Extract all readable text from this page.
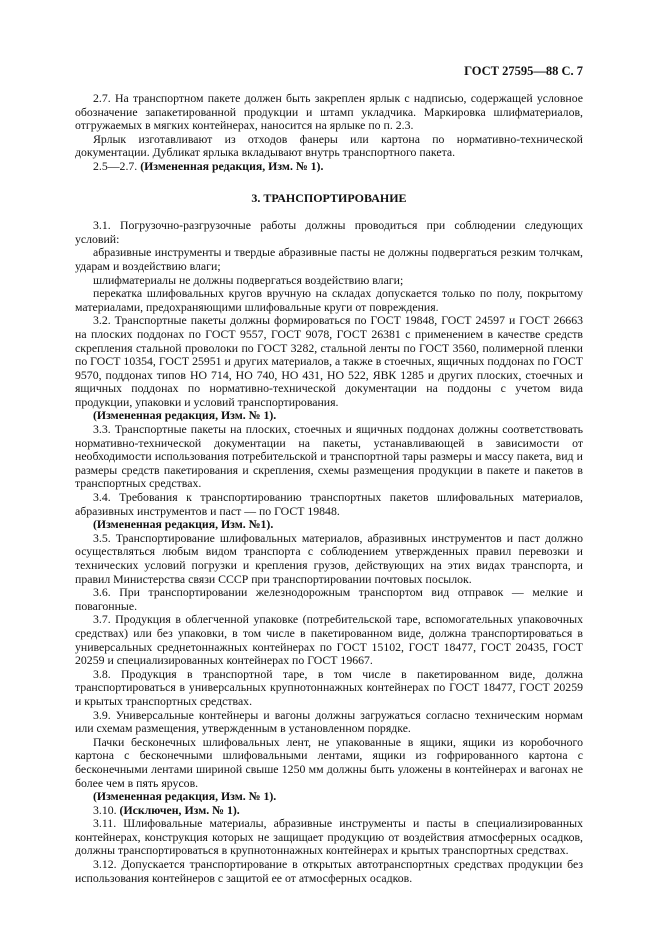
ГОСТ 27595—88 С. 7
2.7. На транспортном пакете должен быть закреплен ярлык с надписью, содержащей условное обозначение запакетированной продукции и штамп укладчика. Маркировка шлифматериалов, отгружаемых в мягких контейнерах, наносится на ярлыке по п. 2.3.
Ярлык изготавливают из отходов фанеры или картона по нормативно-технической документации. Дубликат ярлыка вкладывают внутрь транспортного пакета.
2.5—2.7. (Измененная редакция, Изм. № 1).
3. ТРАНСПОРТИРОВАНИЕ
3.1. Погрузочно-разгрузочные работы должны проводиться при соблюдении следующих условий:
абразивные инструменты и твердые абразивные пасты не должны подвергаться резким толчкам, ударам и воздействию влаги;
шлифматериалы не должны подвергаться воздействию влаги;
перекатка шлифовальных кругов вручную на складах допускается только по полу, покрытому материалами, предохраняющими шлифовальные круги от повреждения.
3.2. Транспортные пакеты должны формироваться по ГОСТ 19848, ГОСТ 24597 и ГОСТ 26663 на плоских поддонах по ГОСТ 9557, ГОСТ 9078, ГОСТ 26381 с применением в качестве средств скрепления стальной проволоки по ГОСТ 3282, стальной ленты по ГОСТ 3560, полимерной пленки по ГОСТ 10354, ГОСТ 25951 и других материалов, а также в стоечных, ящичных поддонах по ГОСТ 9570, поддонах типов НО 714, НО 740, НО 431, НО 522, ЯВК 1285 и других плоских, стоечных и ящичных поддонах по нормативно-технической документации на поддоны с учетом вида продукции, упаковки и условий транспортирования.
(Измененная редакция, Изм. № 1).
3.3. Транспортные пакеты на плоских, стоечных и ящичных поддонах должны соответствовать нормативно-технической документации на пакеты, устанавливающей в зависимости от необходимости использования потребительской и транспортной тары размеры и массу пакета, вид и размеры средств пакетирования и скрепления, схемы размещения продукции в пакете и пакетов в транспортных средствах.
3.4. Требования к транспортированию транспортных пакетов шлифовальных материалов, абразивных инструментов и паст — по ГОСТ 19848.
(Измененная редакция, Изм. №1).
3.5. Транспортирование шлифовальных материалов, абразивных инструментов и паст должно осуществляться любым видом транспорта с соблюдением утвержденных правил перевозки и технических условий погрузки и крепления грузов, действующих на этих видах транспорта, и правил Министерства связи СССР при транспортировании почтовых посылок.
3.6. При транспортировании железнодорожным транспортом вид отправок — мелкие и повагонные.
3.7. Продукция в облегченной упаковке (потребительской таре, вспомогательных упаковочных средствах) или без упаковки, в том числе в пакетированном виде, должна транспортироваться в универсальных среднетоннажных контейнерах по ГОСТ 15102, ГОСТ 18477, ГОСТ 20435, ГОСТ 20259 и специализированных контейнерах по ГОСТ 19667.
3.8. Продукция в транспортной таре, в том числе в пакетированном виде, должна транспортироваться в универсальных крупнотоннажных контейнерах по ГОСТ 18477, ГОСТ 20259 и крытых транспортных средствах.
3.9. Универсальные контейнеры и вагоны должны загружаться согласно техническим нормам или схемам размещения, утвержденным в установленном порядке.
Пачки бесконечных шлифовальных лент, не упакованные в ящики, ящики из коробочного картона с бесконечными шлифовальными лентами, ящики из гофрированного картона с бесконечными лентами шириной свыше 1250 мм должны быть уложены в контейнерах и вагонах не более чем в пять ярусов.
(Измененная редакция, Изм. № 1).
3.10. (Исключен, Изм. № 1).
3.11. Шлифовальные материалы, абразивные инструменты и пасты в специализированных контейнерах, конструкция которых не защищает продукцию от воздействия атмосферных осадков, должны транспортироваться в крупнотоннажных контейнерах и крытых транспортных средствах.
3.12. Допускается транспортирование в открытых автотранспортных средствах продукции без использования контейнеров с защитой ее от атмосферных осадков.
